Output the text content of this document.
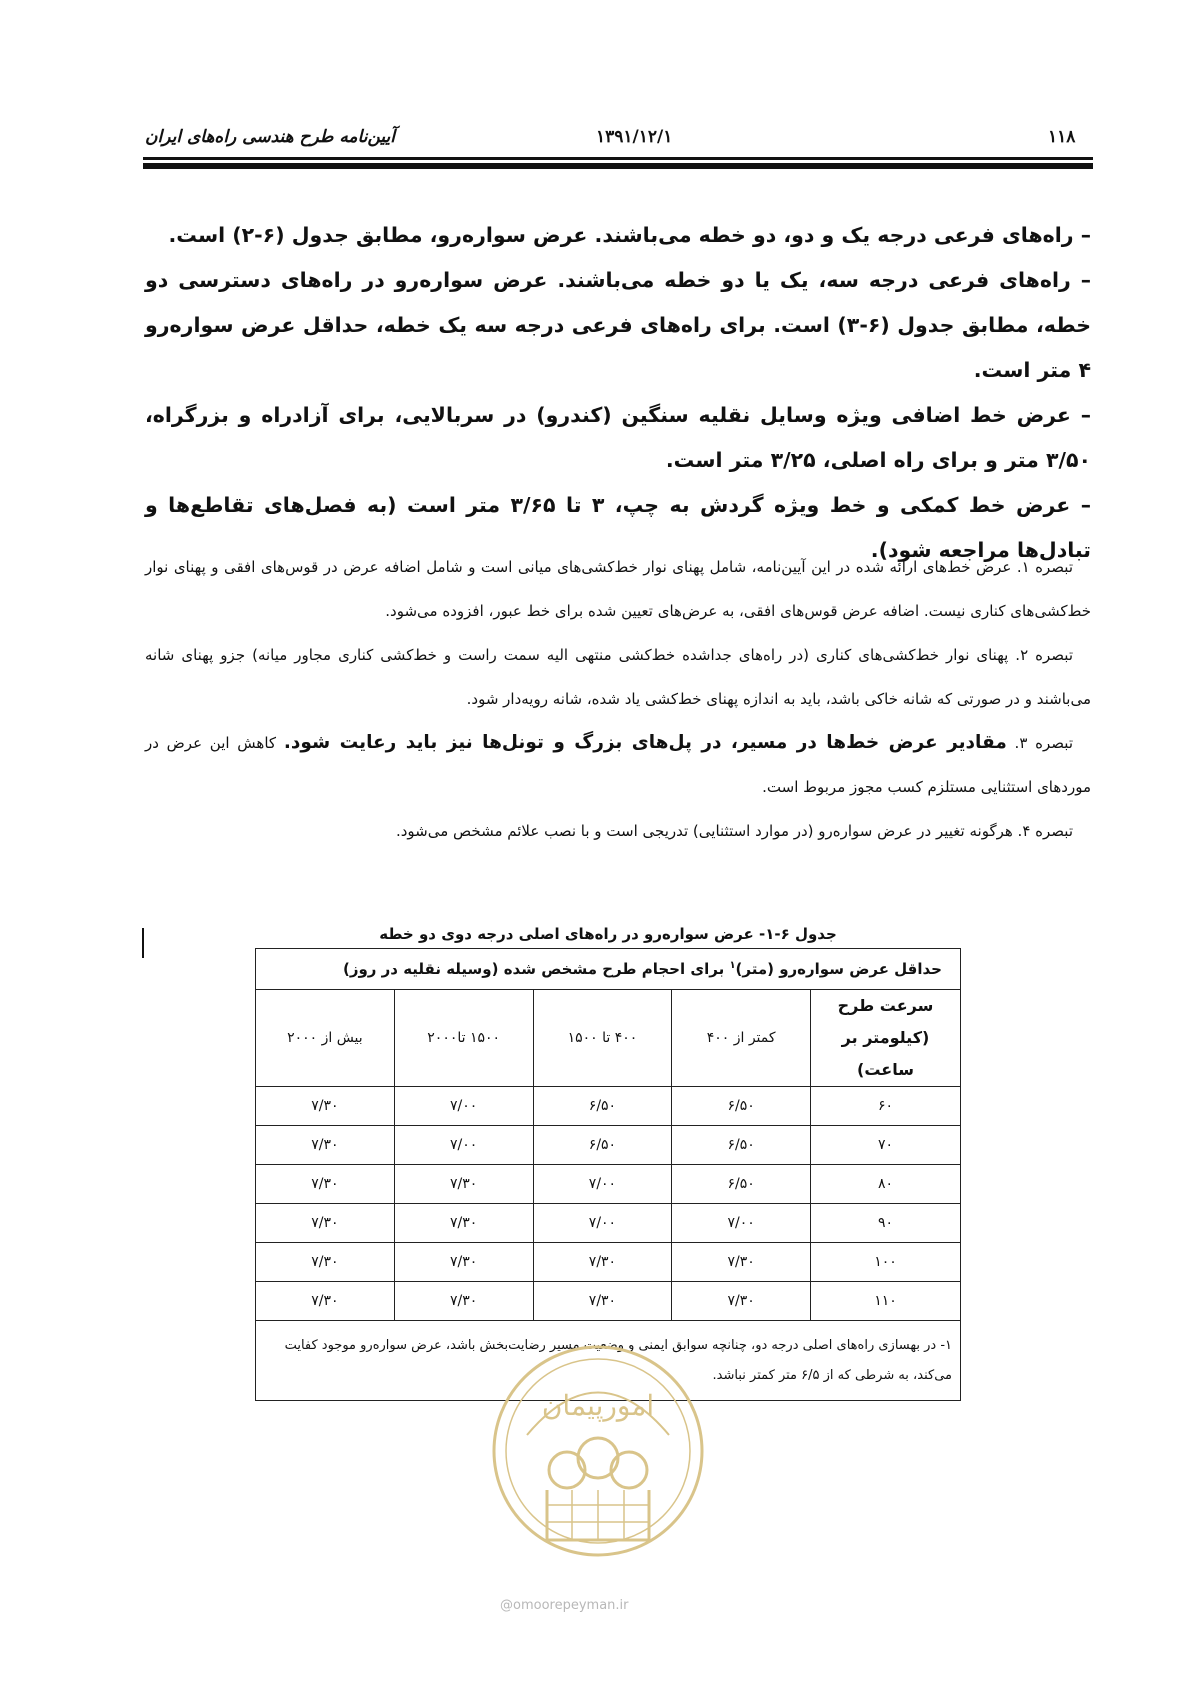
۱۱۸
۱۳۹۱/۱۲/۱
آیین‌نامه طرح هندسی راه‌های ایران

– راه‌های فرعی درجه یک و دو، دو خطه می‌باشند. عرض سواره‌رو، مطابق جدول (۶-۲) است.

– راه‌های فرعی درجه سه، یک یا دو خطه می‌باشند. عرض سواره‌رو در راه‌های دسترسی دو خطه، مطابق جدول (۶-۳) است. برای راه‌های فرعی درجه سه یک خطه، حداقل عرض سواره‌رو ۴ متر است.

– عرض خط اضافی ویژه وسایل نقلیه سنگین (کندرو) در سربالایی، برای آزادراه و بزرگراه، ۳/۵۰ متر و برای راه اصلی، ۳/۲۵ متر است.

– عرض خط کمکی و خط ویژه گردش به چپ، ۳ تا ۳/۶۵ متر است (به فصل‌های تقاطع‌ها و تبادل‌ها مراجعه شود).

تبصره ۱. عرض خط‌های ارائه شده در این آیین‌نامه، شامل پهنای نوار خط‌کشی‌های میانی است و شامل اضافه عرض در قوس‌های افقی و پهنای نوار خط‌کشی‌های کناری نیست. اضافه عرض قوس‌های افقی، به عرض‌های تعیین شده برای خط عبور، افزوده می‌شود.

تبصره ۲. پهنای نوار خط‌کشی‌های کناری (در راه‌های جداشده خط‌کشی منتهی الیه سمت راست و خط‌کشی کناری مجاور میانه) جزو پهنای شانه می‌باشند و در صورتی که شانه خاکی باشد، باید به اندازه پهنای خط‌کشی یاد شده، شانه رویه‌دار شود.

تبصره ۳. مقادیر عرض خط‌ها در مسیر، در پل‌های بزرگ و تونل‌ها نیز باید رعایت شود. کاهش این عرض در موردهای استثنایی مستلزم کسب مجوز مربوط است.

تبصره ۴. هرگونه تغییر در عرض سواره‌رو (در موارد استثنایی) تدریجی است و با نصب علائم مشخص می‌شود.

جدول ۶-۱- عرض سواره‌رو در راه‌های اصلی درجه دوی دو خطه
حداقل عرض سواره‌رو (متر)$^۱$ برای احجام طرح مشخص شده (وسیله نقلیه در روز)				

سرعت طرح
(کیلومتر بر ساعت)	کمتر از ۴۰۰	۴۰۰ تا ۱۵۰۰	۱۵۰۰ تا۲۰۰۰	بیش از ۲۰۰۰
۶۰	۶/۵۰	۶/۵۰	۷/۰۰	۷/۳۰
۷۰	۶/۵۰	۶/۵۰	۷/۰۰	۷/۳۰
۸۰	۶/۵۰	۷/۰۰	۷/۳۰	۷/۳۰
۹۰	۷/۰۰	۷/۰۰	۷/۳۰	۷/۳۰
۱۰۰	۷/۳۰	۷/۳۰	۷/۳۰	۷/۳۰
۱۱۰	۷/۳۰	۷/۳۰	۷/۳۰	۷/۳۰
۱- در بهسازی راه‌های اصلی درجه دو، چنانچه سوابق ایمنی و وضعیت مسیر رضایت‌بخش باشد، عرض سواره‌رو موجود کفایت می‌کند، به شرطی که از ۶/۵ متر کمتر نباشد.				
امورپیمان
@omoorepeyman.ir
